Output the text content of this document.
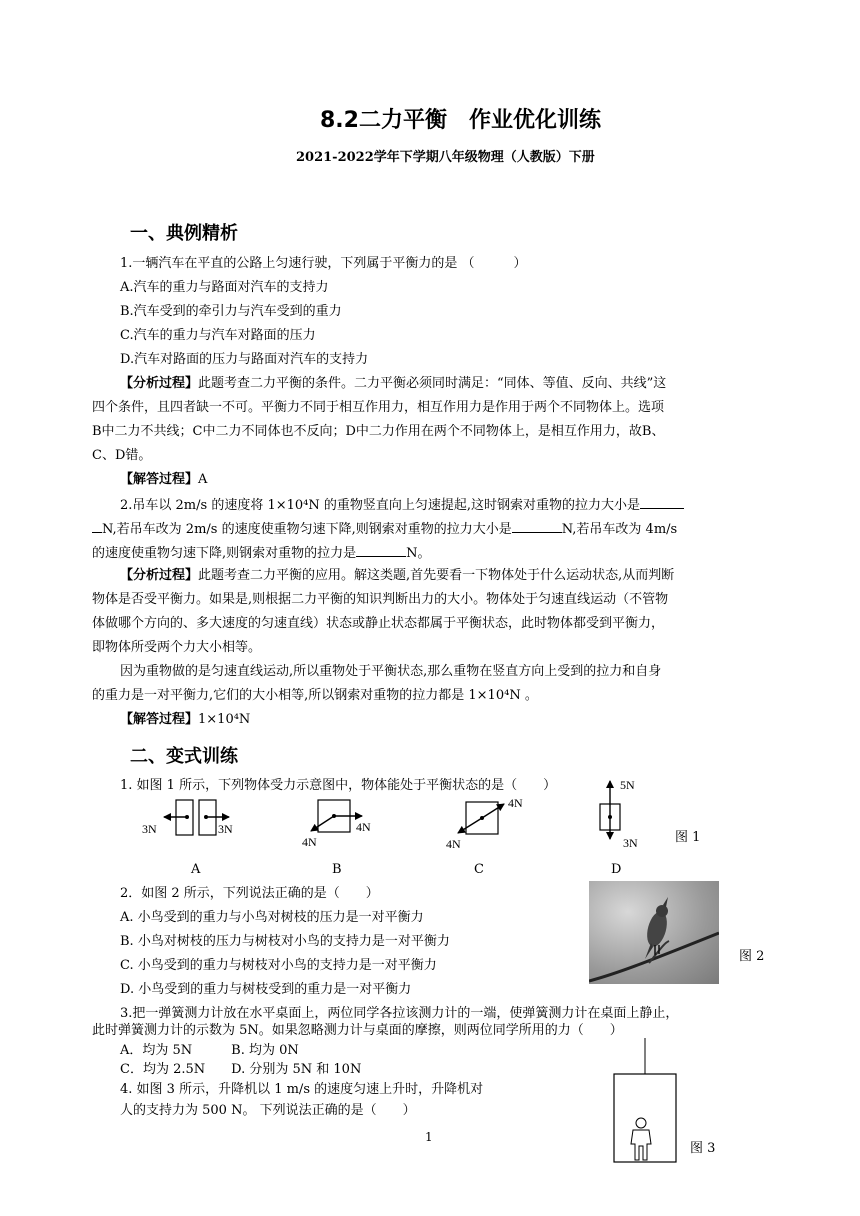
8.2二力平衡　作业优化训练
2021-2022学年下学期八年级物理（人教版）下册
一、典例精析
1.一辆汽车在平直的公路上匀速行驶，下列属于平衡力的是 （　　　）
A.汽车的重力与路面对汽车的支持力
B.汽车受到的牵引力与汽车受到的重力
C.汽车的重力与汽车对路面的压力
D.汽车对路面的压力与路面对汽车的支持力
【分析过程】此题考查二力平衡的条件。二力平衡必须同时满足：“同体、等值、反向、共线”这
四个条件，且四者缺一不可。平衡力不同于相互作用力，相互作用力是作用于两个不同物体上。选项
B中二力不共线；C中二力不同体也不反向；D中二力作用在两个不同物体上，是相互作用力，故B、
C、D错。
【解答过程】A
2.吊车以 2m/s 的速度将 1×10⁴N 的重物竖直向上匀速提起,这时钢索对重物的拉力大小是
N,若吊车改为 2m/s 的速度使重物匀速下降,则钢索对重物的拉力大小是	N,若吊车改为 4m/s
的速度使重物匀速下降,则钢索对重物的拉力是	N。
【分析过程】此题考查二力平衡的应用。解这类题,首先要看一下物体处于什么运动状态,从而判断
物体是否受平衡力。如果是,则根据二力平衡的知识判断出力的大小。物体处于匀速直线运动（不管物
体做哪个方向的、多大速度的匀速直线）状态或静止状态都属于平衡状态，此时物体都受到平衡力，
即物体所受两个力大小相等。
因为重物做的是匀速直线运动,所以重物处于平衡状态,那么重物在竖直方向上受到的拉力和自身
的重力是一对平衡力,它们的大小相等,所以钢索对重物的拉力都是 1×10⁴N 。
【解答过程】1×10⁴N
二、变式训练
1. 如图 1 所示，下列物体受力示意图中，物体能处于平衡状态的是（　　）
3N	3N
4N
4N
4N
4N
5N
3N	图 1
A	B	C	D
2．如图 2 所示，下列说法正确的是（　　）
A. 小鸟受到的重力与小鸟对树枝的压力是一对平衡力
B. 小鸟对树枝的压力与树枝对小鸟的支持力是一对平衡力
C. 小鸟受到的重力与树枝对小鸟的支持力是一对平衡力
D. 小鸟受到的重力与树枝受到的重力是一对平衡力
图 2
3.把一弹簧测力计放在水平桌面上，两位同学各拉该测力计的一端，使弹簧测力计在桌面上静止，
此时弹簧测力计的示数为 5N。如果忽略测力计与桌面的摩擦，则两位同学所用的力（　　）
A．均为 5N　　　B. 均为 0N
C．均为 2.5N　　D. 分别为 5N 和 10N
4. 如图 3 所示，升降机以 1 m/s 的速度匀速上升时，升降机对
人的支持力为 500 N。 下列说法正确的是（　　）
图 3
1
